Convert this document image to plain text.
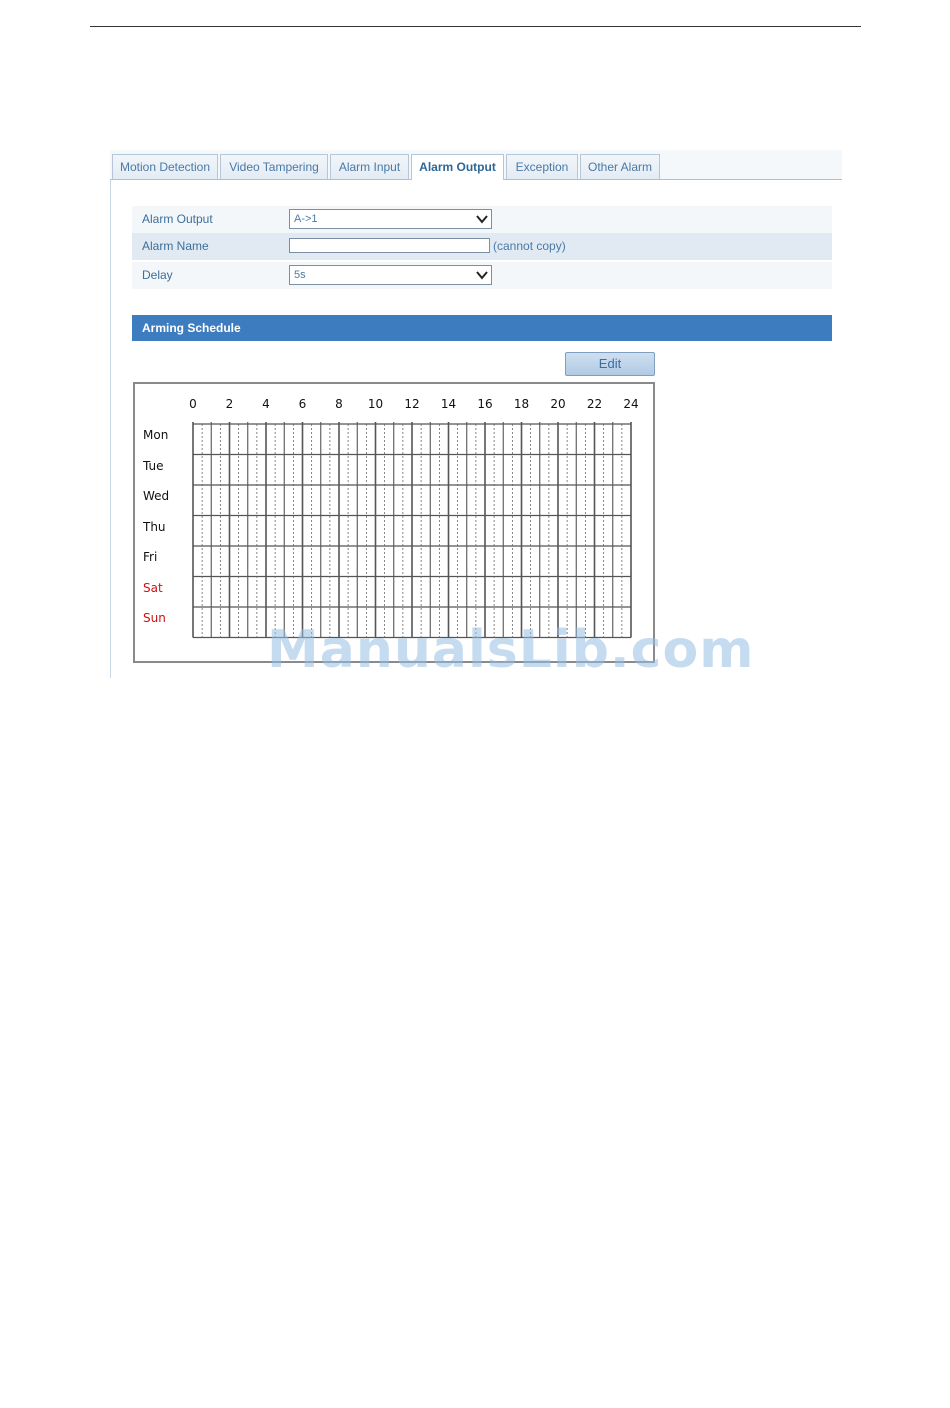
Motion Detection	Video Tampering	Alarm Input	Alarm Output	Exception	Other Alarm
Alarm Output	A->1
Alarm Name	(cannot copy)
Delay	5s
Arming Schedule
Edit
0 2 4 6 8 10 12 14 16 18 20 22 24
Mon
Tue
Wed
Thu
Fri
Sat
Sun
ManualsLib.com
